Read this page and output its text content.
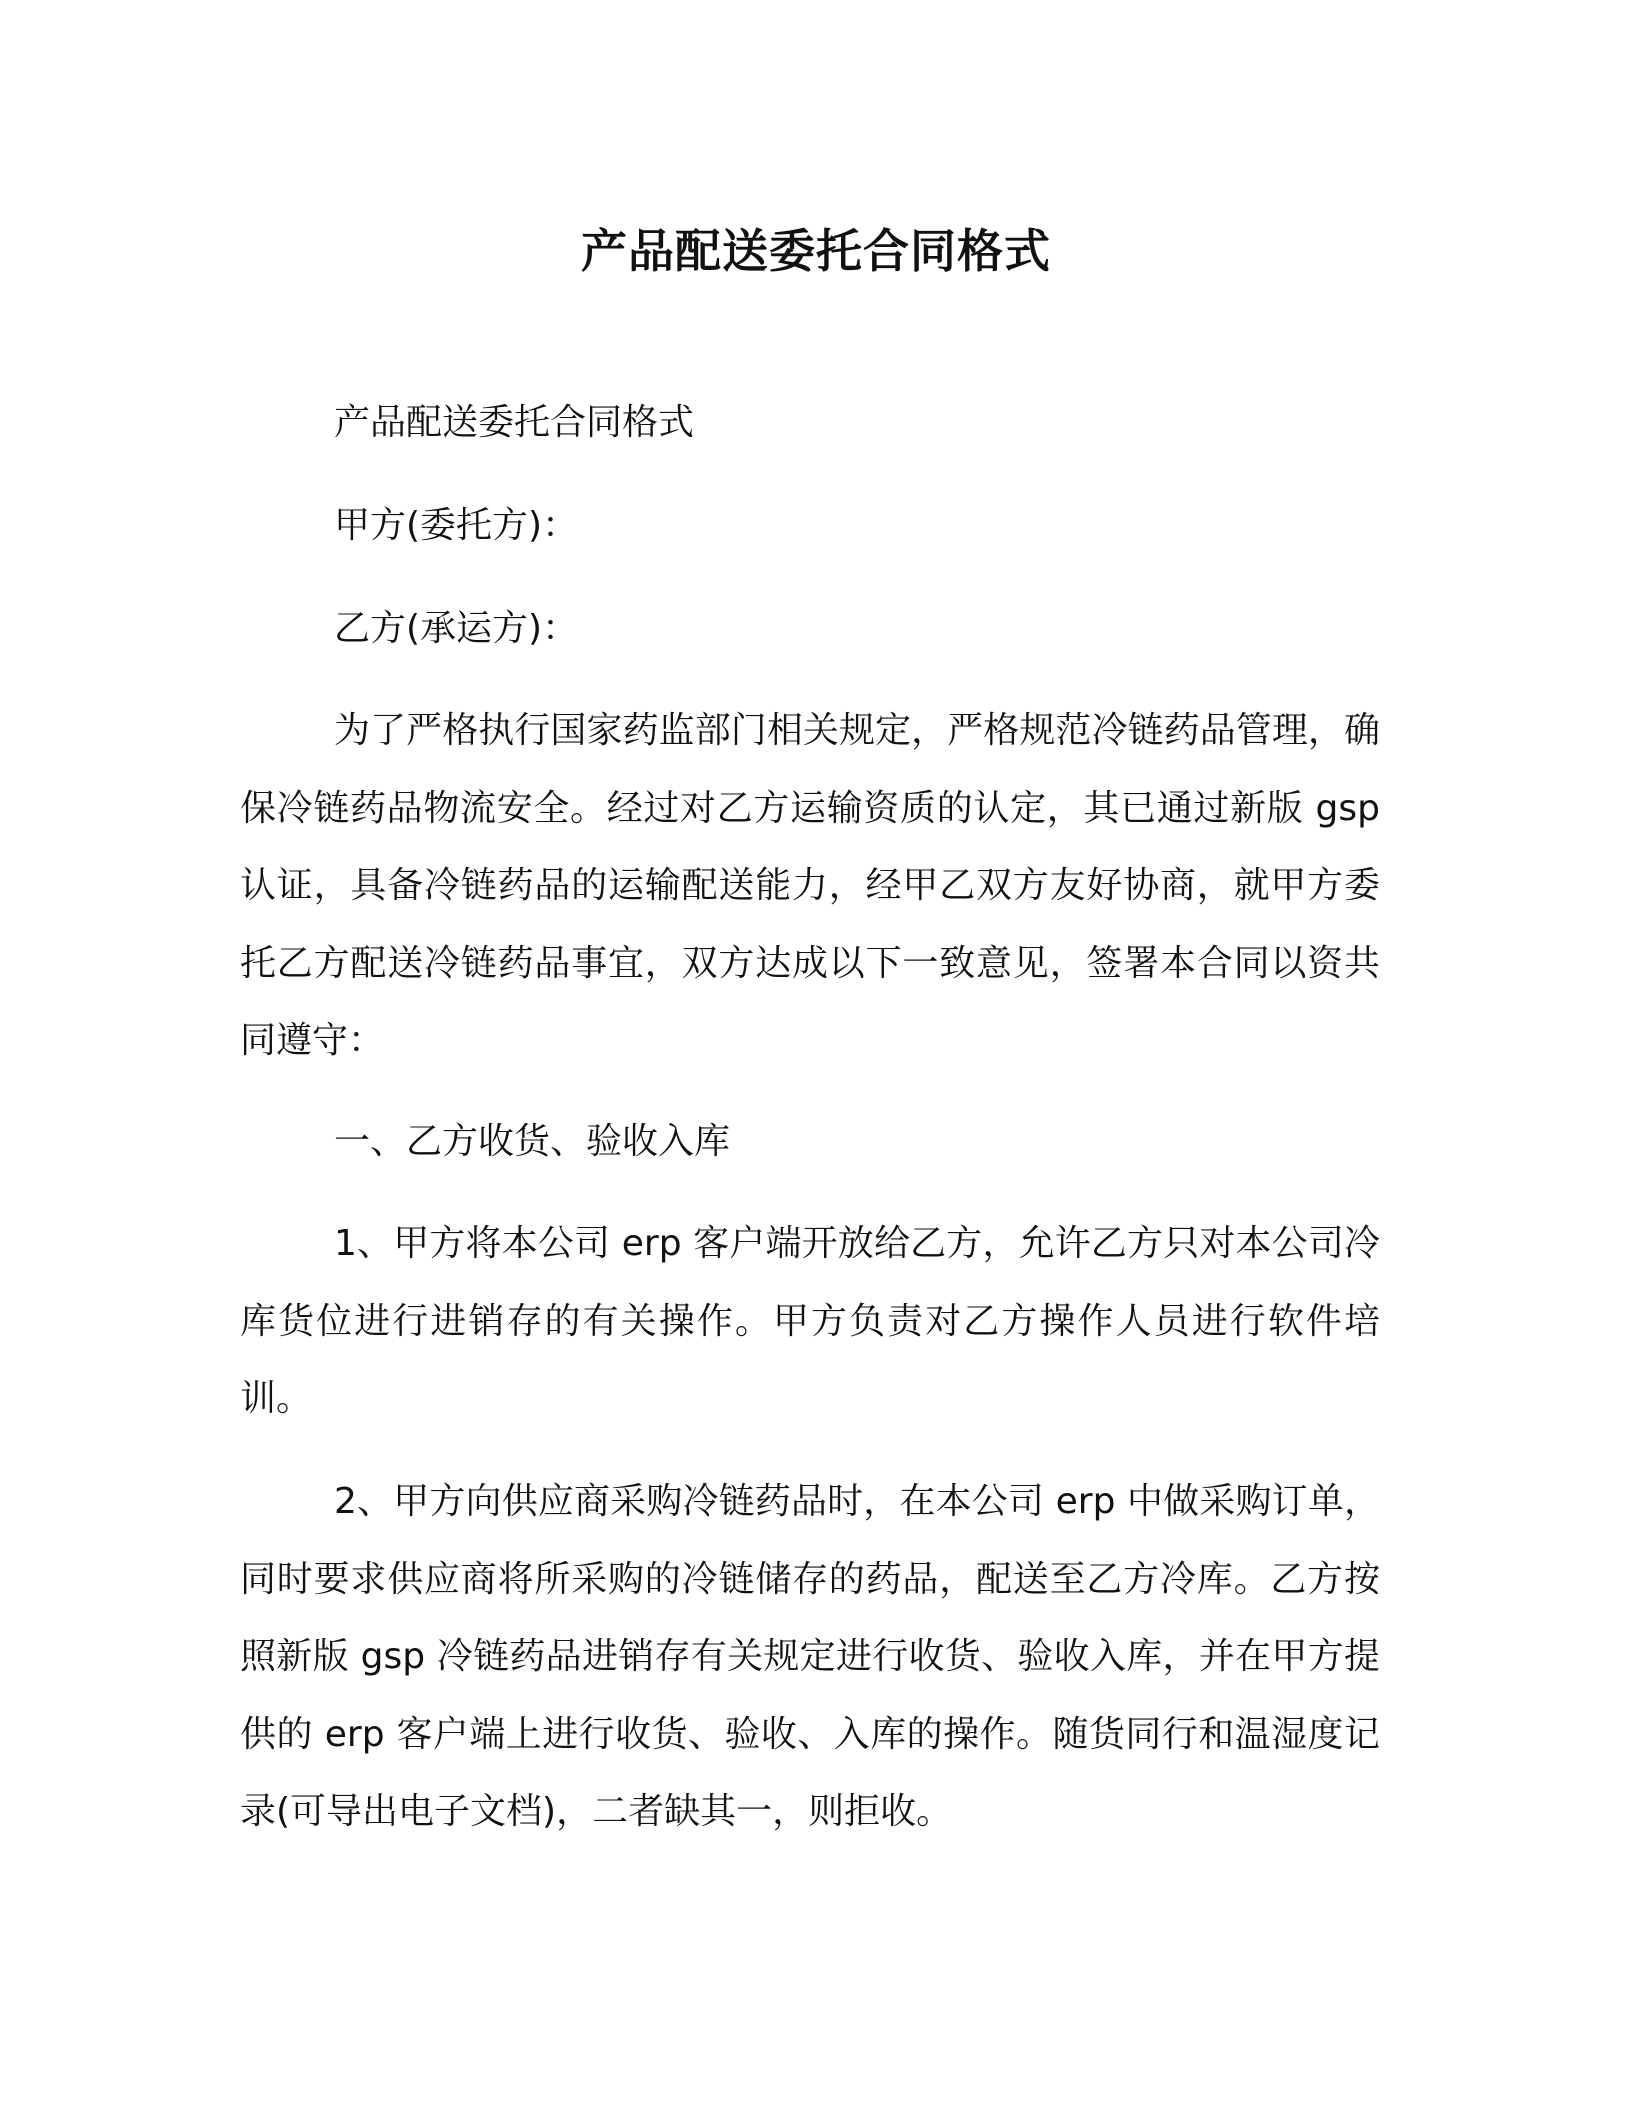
产品配送委托合同格式
产品配送委托合同格式
甲方(委托方)：
乙方(承运方)：
为了严格执行国家药监部门相关规定，严格规范冷链药品管理，确保冷链药品物流安全。经过对乙方运输资质的认定，其已通过新版 gsp 认证，具备冷链药品的运输配送能力，经甲乙双方友好协商，就甲方委托乙方配送冷链药品事宜，双方达成以下一致意见，签署本合同以资共同遵守：
一、乙方收货、验收入库
1、甲方将本公司 erp 客户端开放给乙方，允许乙方只对本公司冷库货位进行进销存的有关操作。甲方负责对乙方操作人员进行软件培训。
2、甲方向供应商采购冷链药品时，在本公司 erp 中做采购订单，同时要求供应商将所采购的冷链储存的药品，配送至乙方冷库。乙方按照新版 gsp 冷链药品进销存有关规定进行收货、验收入库，并在甲方提供的 erp 客户端上进行收货、验收、入库的操作。随货同行和温湿度记录(可导出电子文档)，二者缺其一，则拒收。
